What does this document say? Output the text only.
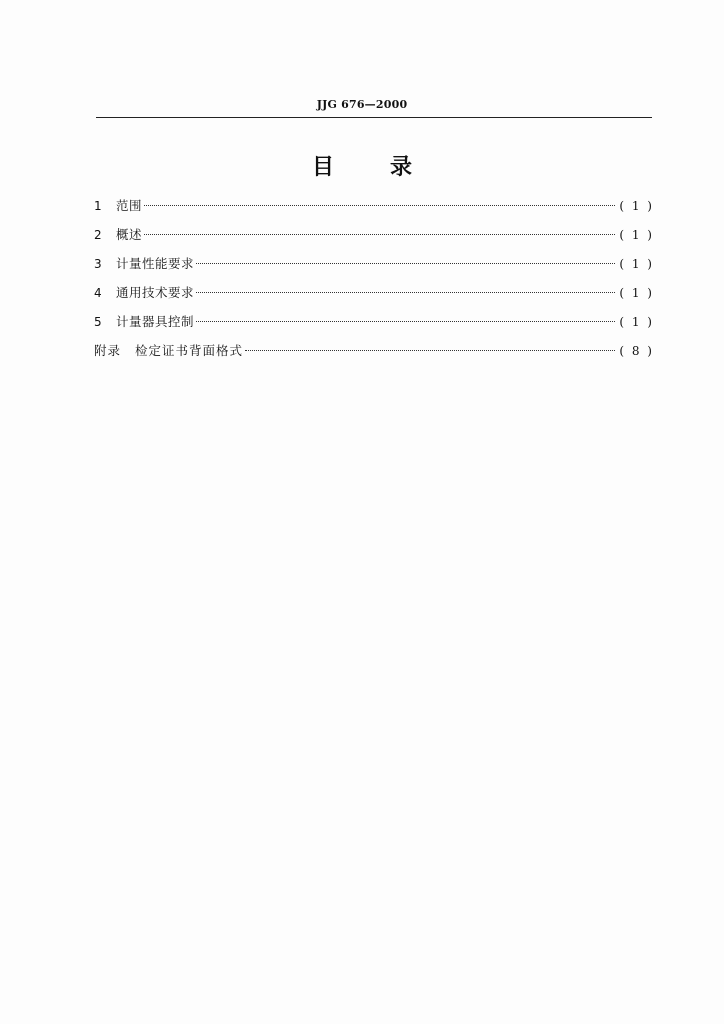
JJG 676—2000
目	录
1	范围	( 1 )
2	概述	( 1 )
3	计量性能要求	( 1 )
4	通用技术要求	( 1 )
5	计量器具控制	( 1 )
附录 检定证书背面格式	( 8 )
